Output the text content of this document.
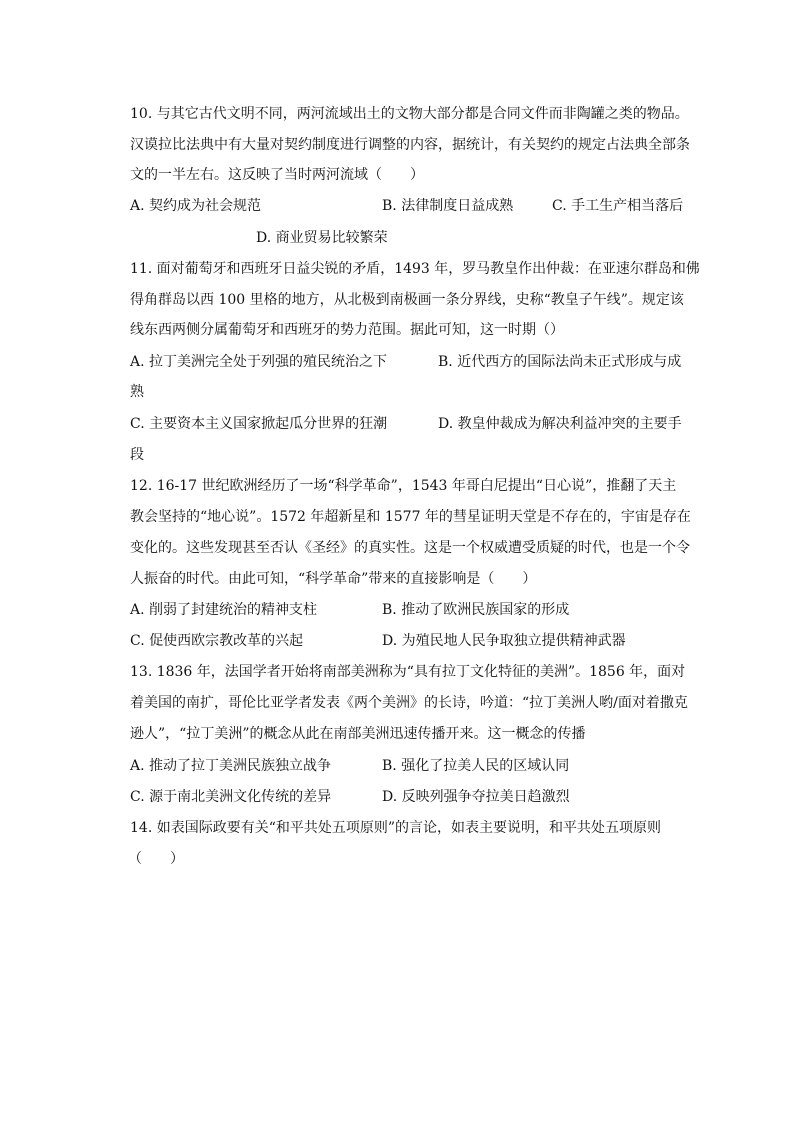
10. 与其它古代文明不同，两河流域出土的文物大部分都是合同文件而非陶罐之类的物品。
汉谟拉比法典中有大量对契约制度进行调整的内容，据统计，有关契约的规定占法典全部条
文的一半左右。这反映了当时两河流域（　　）
A. 契约成为社会规范	B. 法律制度日益成熟	C. 手工生产相当落后
D. 商业贸易比较繁荣
11. 面对葡萄牙和西班牙日益尖锐的矛盾，1493 年，罗马教皇作出仲裁：在亚速尔群岛和佛
得角群岛以西 100 里格的地方，从北极到南极画一条分界线，史称“教皇子午线”。规定该
线东西两侧分属葡萄牙和西班牙的势力范围。据此可知，这一时期（）
A. 拉丁美洲完全处于列强的殖民统治之下	B. 近代西方的国际法尚未正式形成与成
熟
C. 主要资本主义国家掀起瓜分世界的狂潮	D. 教皇仲裁成为解决利益冲突的主要手
段
12. 16-17 世纪欧洲经历了一场“科学革命”，1543 年哥白尼提出“日心说”，推翻了天主
教会坚持的“地心说”。1572 年超新星和 1577 年的彗星证明天堂是不存在的，宇宙是存在
变化的。这些发现甚至否认《圣经》的真实性。这是一个权威遭受质疑的时代，也是一个令
人振奋的时代。由此可知，“科学革命”带来的直接影响是（　　）
A. 削弱了封建统治的精神支柱	B. 推动了欧洲民族国家的形成
C. 促使西欧宗教改革的兴起	D. 为殖民地人民争取独立提供精神武器
13. 1836 年，法国学者开始将南部美洲称为“具有拉丁文化特征的美洲”。1856 年，面对
着美国的南扩，哥伦比亚学者发表《两个美洲》的长诗，吟道：“拉丁美洲人哟/面对着撒克
逊人”，“拉丁美洲”的概念从此在南部美洲迅速传播开来。这一概念的传播
A. 推动了拉丁美洲民族独立战争	B. 强化了拉美人民的区域认同
C. 源于南北美洲文化传统的差异	D. 反映列强争夺拉美日趋激烈
14. 如表国际政要有关“和平共处五项原则”的言论，如表主要说明，和平共处五项原则
（　　）
